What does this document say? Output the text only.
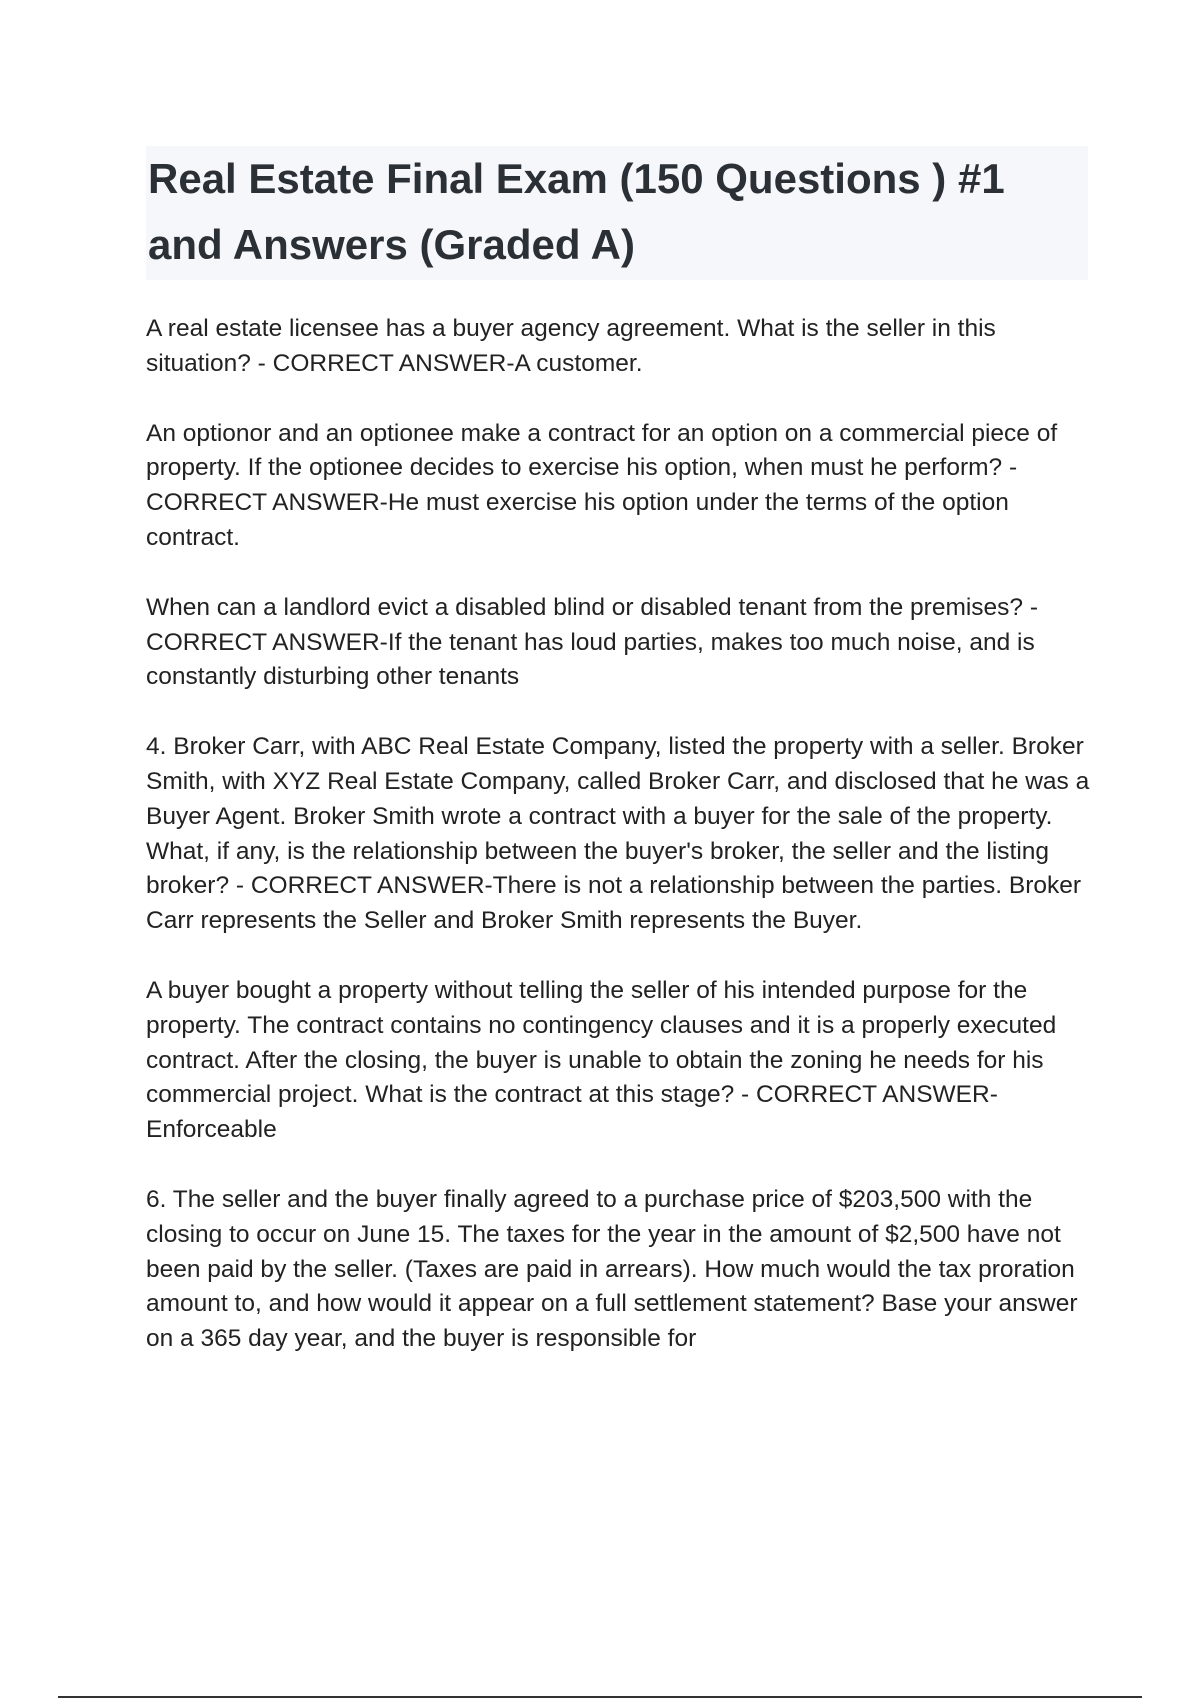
Real Estate Final Exam (150 Questions ) #1 and Answers (Graded A)

A real estate licensee has a buyer agency agreement. What is the seller in this situation? - CORRECT ANSWER-A customer.

An optionor and an optionee make a contract for an option on a commercial piece of property. If the optionee decides to exercise his option, when must he perform? - CORRECT ANSWER-He must exercise his option under the terms of the option contract.

When can a landlord evict a disabled blind or disabled tenant from the premises? - CORRECT ANSWER-If the tenant has loud parties, makes too much noise, and is constantly disturbing other tenants

4. Broker Carr, with ABC Real Estate Company, listed the property with a seller. Broker Smith, with XYZ Real Estate Company, called Broker Carr, and disclosed that he was a Buyer Agent. Broker Smith wrote a contract with a buyer for the sale of the property. What, if any, is the relationship between the buyer's broker, the seller and the listing broker? - CORRECT ANSWER-There is not a relationship between the parties. Broker Carr represents the Seller and Broker Smith represents the Buyer.

A buyer bought a property without telling the seller of his intended purpose for the property. The contract contains no contingency clauses and it is a properly executed contract. After the closing, the buyer is unable to obtain the zoning he needs for his commercial project. What is the contract at this stage? - CORRECT ANSWER-Enforceable

6. The seller and the buyer finally agreed to a purchase price of $203,500 with the closing to occur on June 15. The taxes for the year in the amount of $2,500 have not been paid by the seller. (Taxes are paid in arrears). How much would the tax proration amount to, and how would it appear on a full settlement statement? Base your answer on a 365 day year, and the buyer is responsible for
